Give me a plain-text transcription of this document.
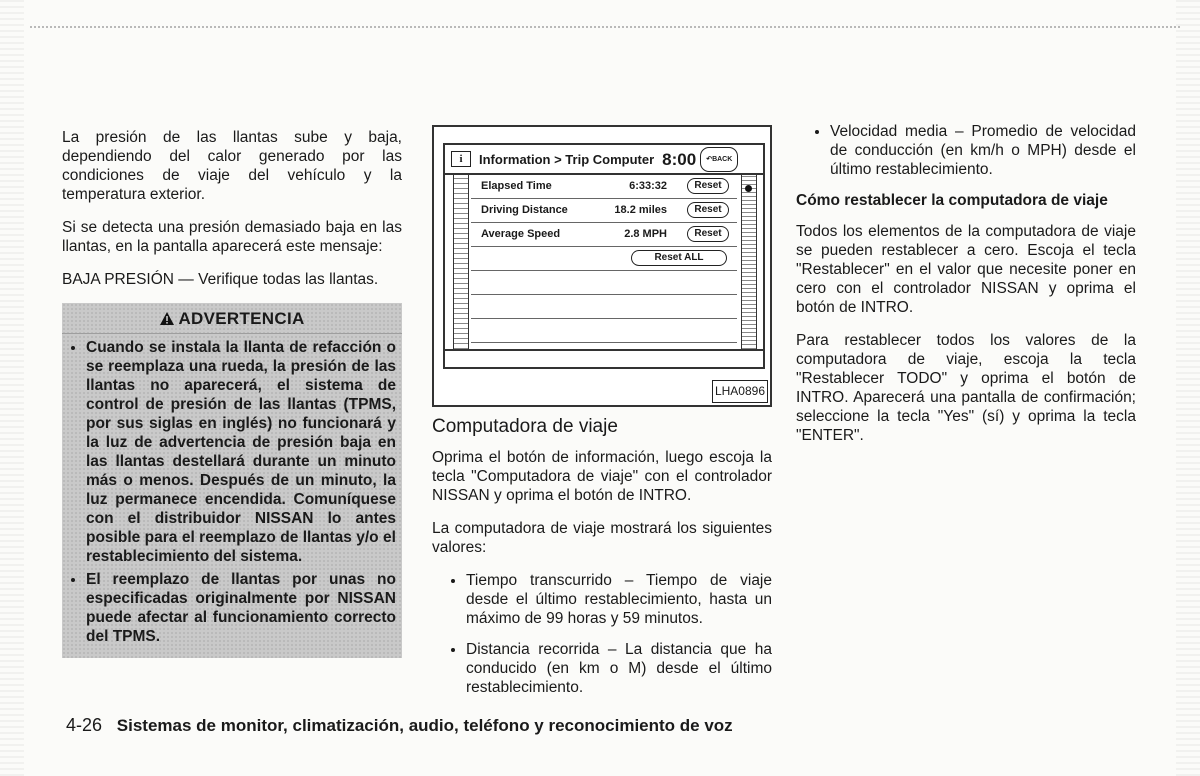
La presión de las llantas sube y baja, dependiendo del calor generado por las condiciones de viaje del vehículo y la temperatura exterior.

Si se detecta una presión demasiado baja en las llantas, en la pantalla aparecerá este mensaje:

BAJA PRESIÓN — Verifique todas las llantas.

ADVERTENCIA
• Cuando se instala la llanta de refacción o se reemplaza una rueda, la presión de las llantas no aparecerá, el sistema de control de presión de las llantas (TPMS, por sus siglas en inglés) no funcionará y la luz de advertencia de presión baja en las llantas destellará durante un minuto más o menos. Después de un minuto, la luz permanece encendida. Comuníquese con el distribuidor NISSAN lo antes posible para el reemplazo de llantas y/o el restablecimiento del sistema.
• El reemplazo de llantas por unas no especificadas originalmente por NISSAN puede afectar al funcionamiento correcto del TPMS.
i	Information > Trip Computer 8:00	↶BACK
Elapsed Time	6:33:32	Reset
Driving Distance	18.2 miles	Reset
Average Speed	2.8 MPH	Reset
Reset ALL
LHA0896
Computadora de viaje

Oprima el botón de información, luego escoja la tecla "Computadora de viaje" con el controlador NISSAN y oprima el botón de INTRO.

La computadora de viaje mostrará los siguientes valores:

• Tiempo transcurrido – Tiempo de viaje desde el último restablecimiento, hasta un máximo de 99 horas y 59 minutos.
• Distancia recorrida – La distancia que ha conducido (en km o M) desde el último restablecimiento.
• Velocidad media – Promedio de velocidad de conducción (en km/h o MPH) desde el último restablecimiento.
Cómo restablecer la computadora de viaje

Todos los elementos de la computadora de viaje se pueden restablecer a cero. Escoja el tecla "Restablecer" en el valor que necesite poner en cero con el controlador NISSAN y oprima el botón de INTRO.

Para restablecer todos los valores de la computadora de viaje, escoja la tecla "Restablecer TODO" y oprima el botón de INTRO. Aparecerá una pantalla de confirmación; seleccione la tecla "Yes" (sí) y oprima la tecla "ENTER".

4-26 Sistemas de monitor, climatización, audio, teléfono y reconocimiento de voz
